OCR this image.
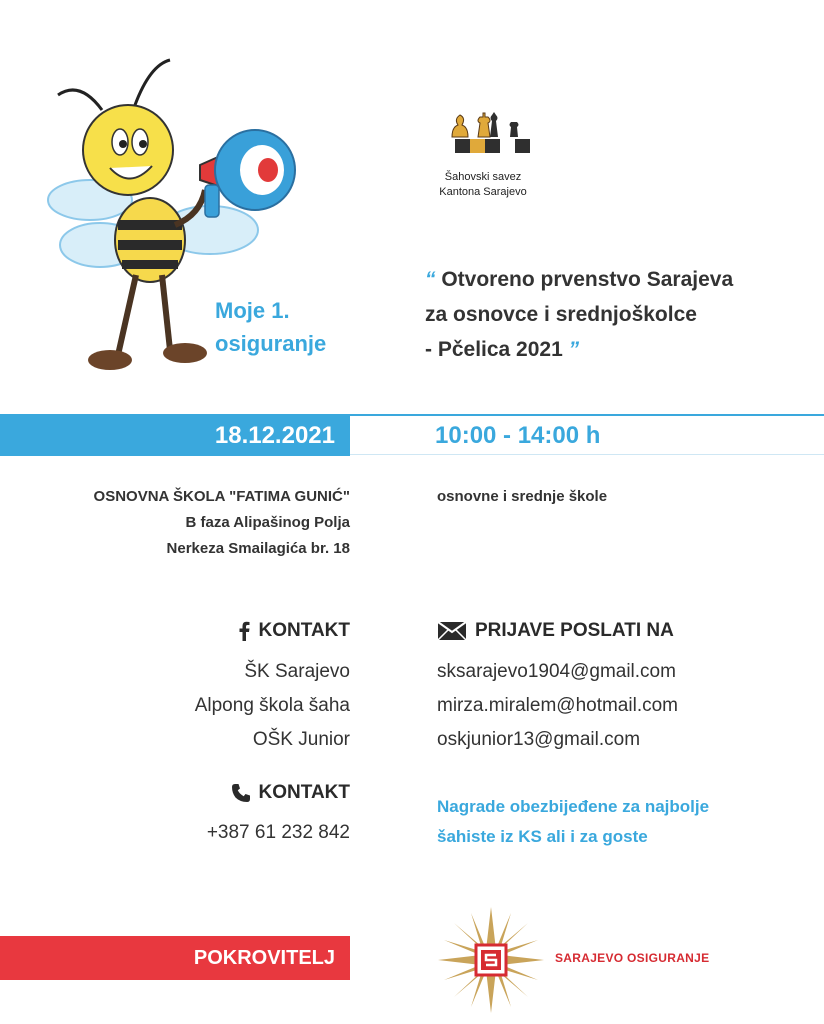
Moje 1.
osiguranje
Šahovski savez
Kantona Sarajevo
“ Otvoreno prvenstvo Sarajeva
za osnovce i srednjoškolce
- Pčelica 2021 ”
18.12.2021	10:00 - 14:00 h
OSNOVNA ŠKOLA "FATIMA GUNIĆ"
B faza Alipašinog Polja
Nerkeza Smailagića br. 18
osnovne i srednje škole
KONTAKT
ŠK Sarajevo
Alpong škola šaha
OŠK Junior
KONTAKT
+387 61 232 842
PRIJAVE POSLATI NA
sksarajevo1904@gmail.com
mirza.miralem@hotmail.com
oskjunior13@gmail.com
Nagrade obezbijeđene za najbolje
šahiste iz KS ali i za goste
POKROVITELJ	SARAJEVO OSIGURANJE
